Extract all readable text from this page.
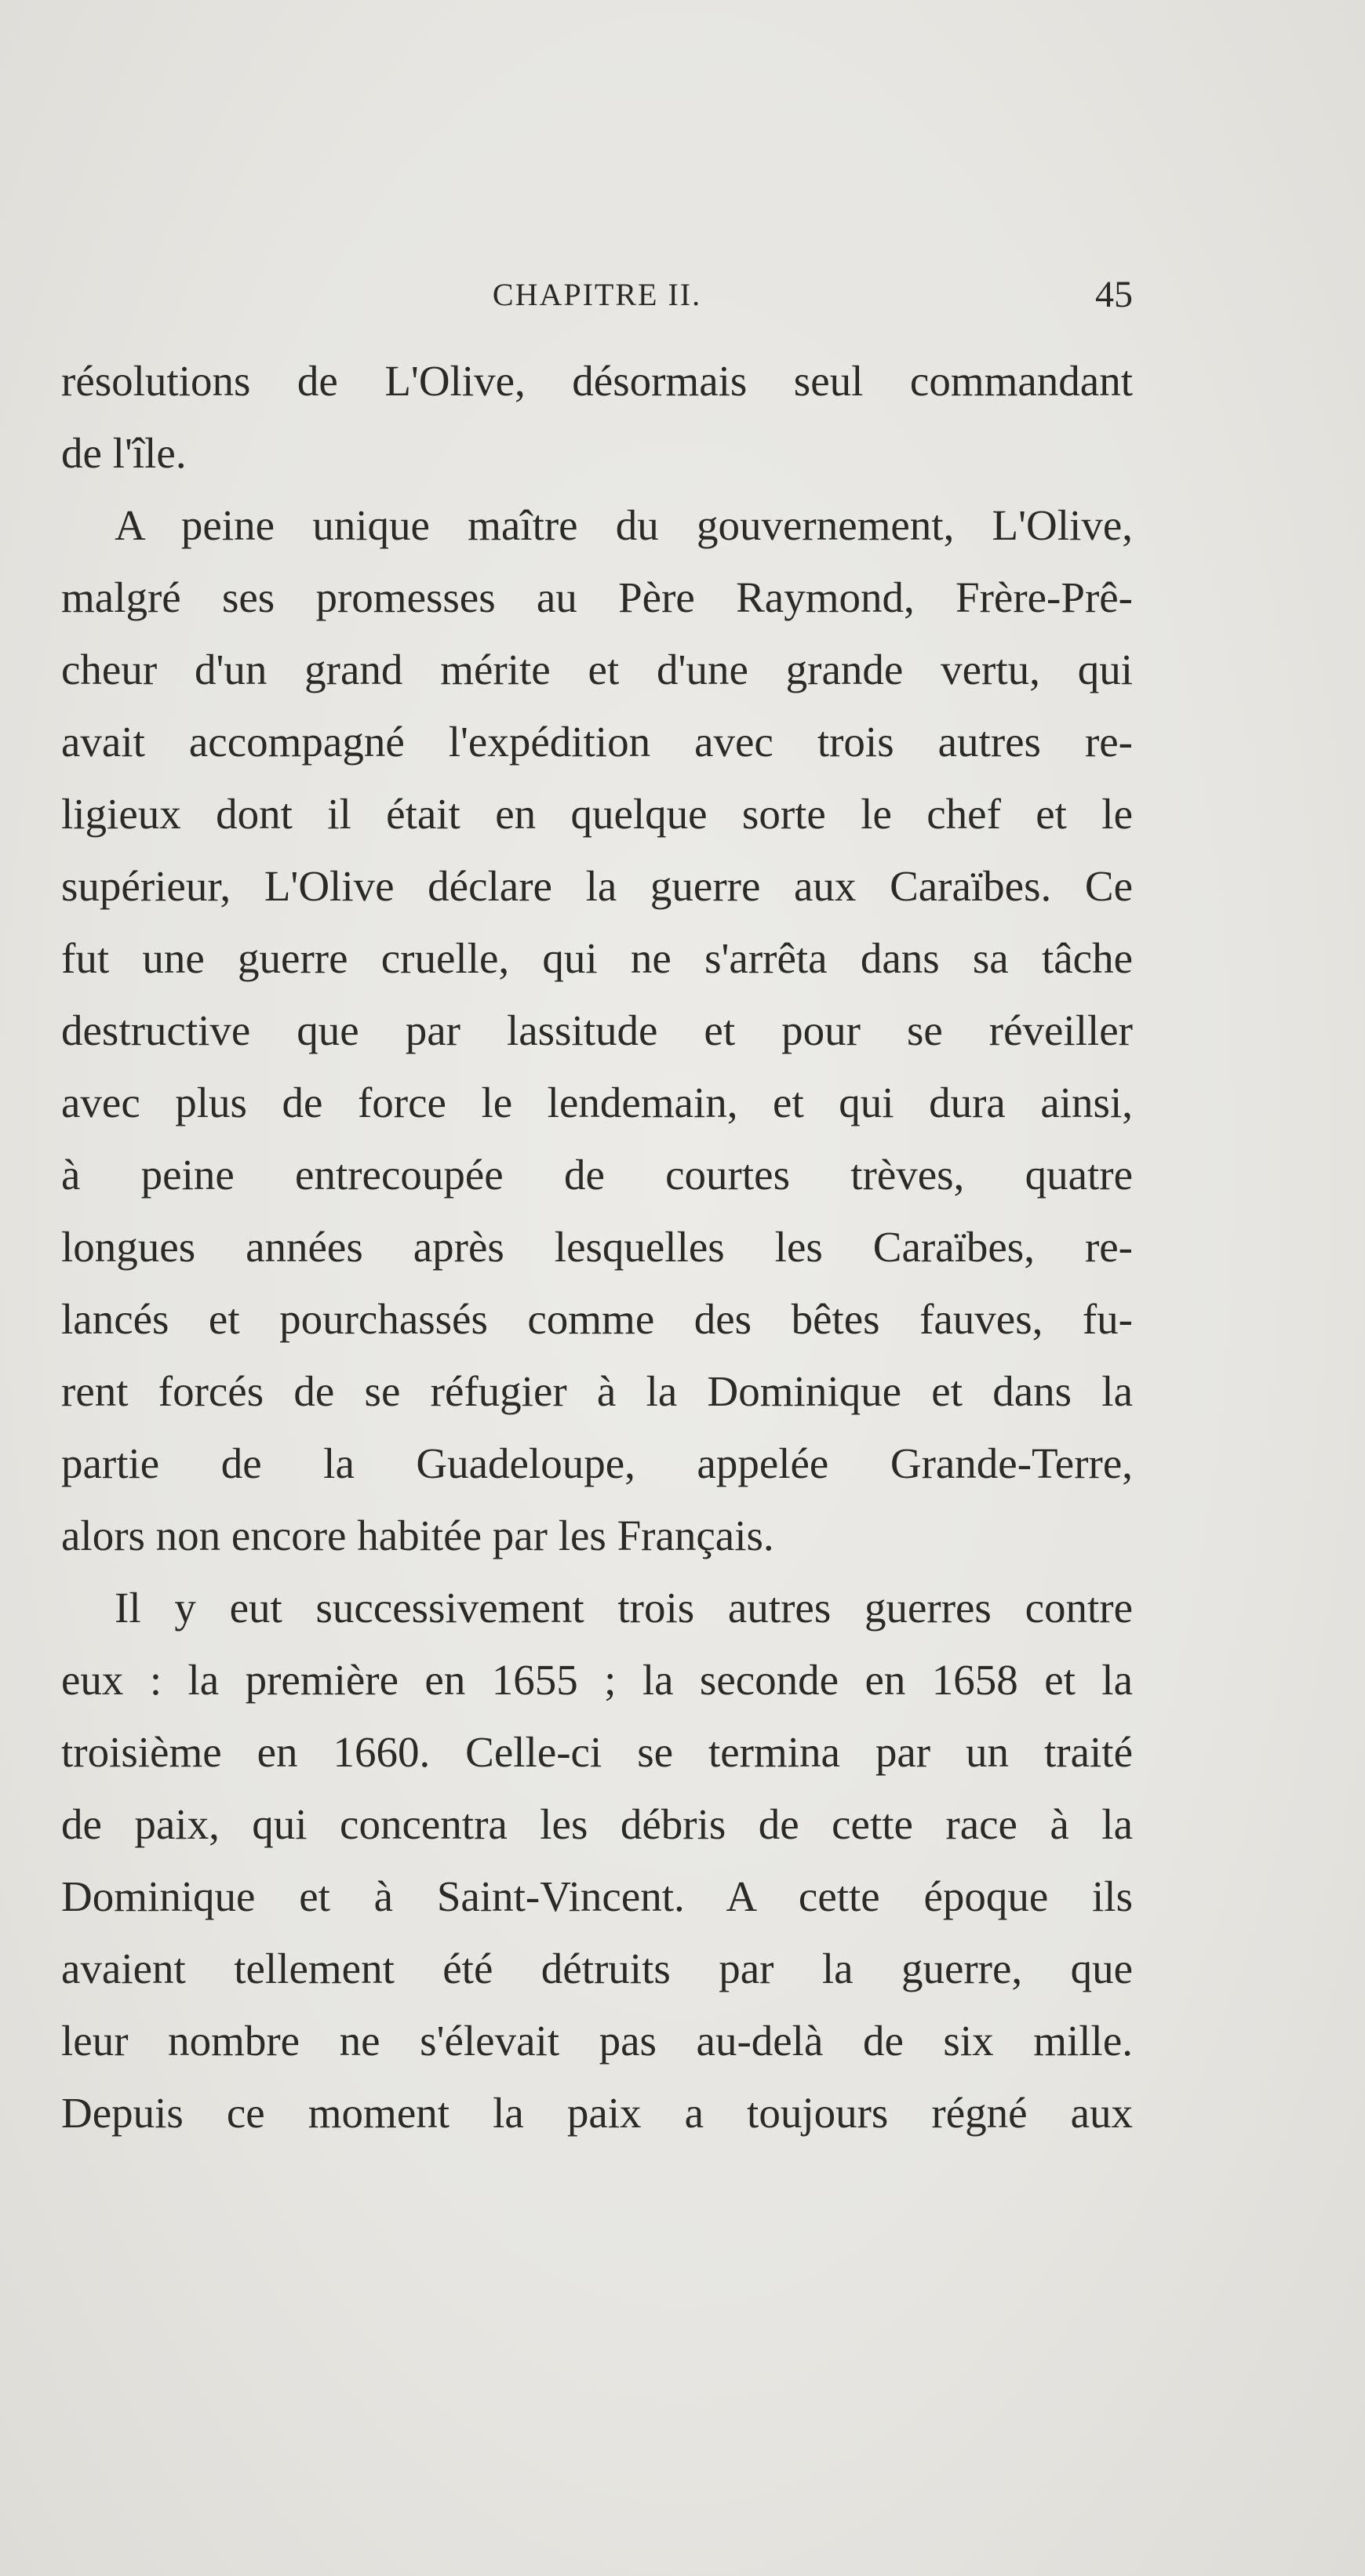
CHAPITRE II.	45
résolutions de L'Olive, désormais seul commandant
de l'île.
A peine unique maître du gouvernement, L'Olive,
malgré ses promesses au Père Raymond, Frère-Prê-
cheur d'un grand mérite et d'une grande vertu, qui
avait accompagné l'expédition avec trois autres re-
ligieux dont il était en quelque sorte le chef et le
supérieur, L'Olive déclare la guerre aux Caraïbes. Ce
fut une guerre cruelle, qui ne s'arrêta dans sa tâche
destructive que par lassitude et pour se réveiller
avec plus de force le lendemain, et qui dura ainsi,
à peine entrecoupée de courtes trèves, quatre
longues années après lesquelles les Caraïbes, re-
lancés et pourchassés comme des bêtes fauves, fu-
rent forcés de se réfugier à la Dominique et dans la
partie de la Guadeloupe, appelée Grande-Terre,
alors non encore habitée par les Français.
Il y eut successivement trois autres guerres contre
eux : la première en 1655 ; la seconde en 1658 et la
troisième en 1660. Celle-ci se termina par un traité
de paix, qui concentra les débris de cette race à la
Dominique et à Saint-Vincent. A cette époque ils
avaient tellement été détruits par la guerre, que
leur nombre ne s'élevait pas au-delà de six mille.
Depuis ce moment la paix a toujours régné aux
